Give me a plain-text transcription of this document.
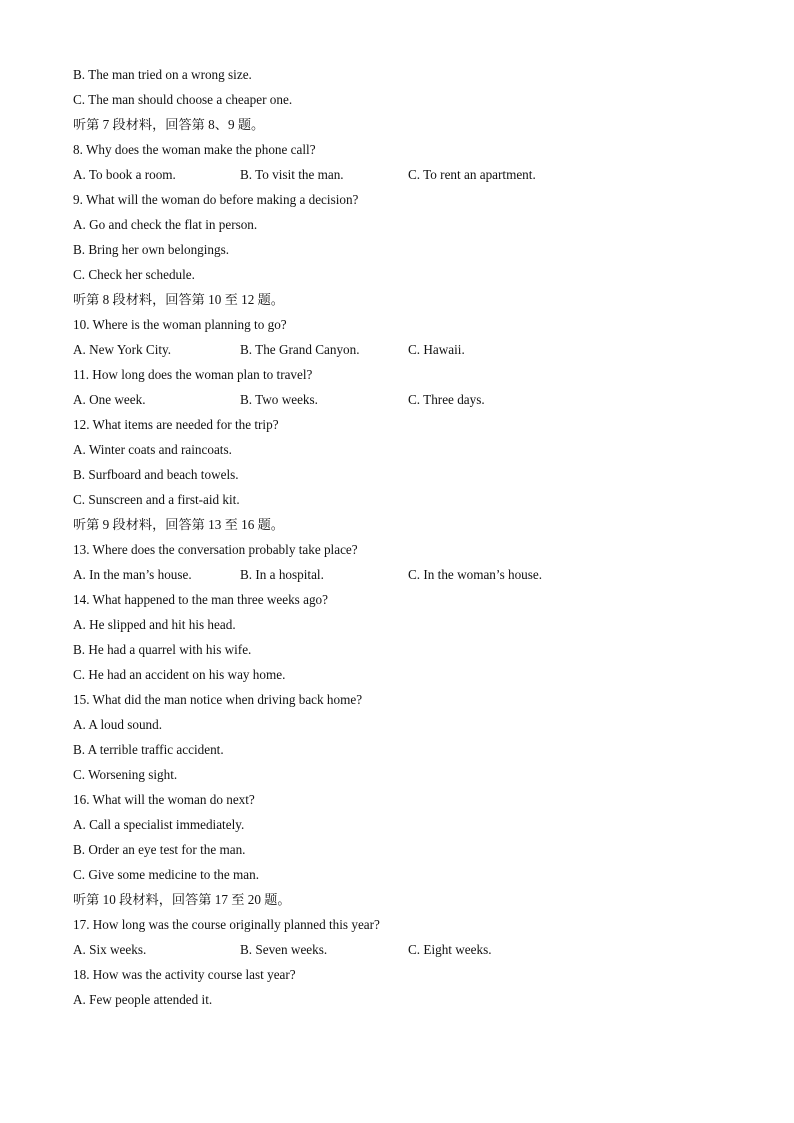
B. The man tried on a wrong size.
C. The man should choose a cheaper one.
听第 7 段材料，回答第 8、9 题。
8. Why does the woman make the phone call?
A. To book a room.	B. To visit the man.	C. To rent an apartment.
9. What will the woman do before making a decision?
A. Go and check the flat in person.
B. Bring her own belongings.
C. Check her schedule.
听第 8 段材料，回答第 10 至 12 题。
10. Where is the woman planning to go?
A. New York City.	B. The Grand Canyon.	C. Hawaii.
11. How long does the woman plan to travel?
A. One week.	B. Two weeks.	C. Three days.
12. What items are needed for the trip?
A. Winter coats and raincoats.
B. Surfboard and beach towels.
C. Sunscreen and a first-aid kit.
听第 9 段材料，回答第 13 至 16 题。
13. Where does the conversation probably take place?
A. In the man’s house.	B. In a hospital.	C. In the woman’s house.
14. What happened to the man three weeks ago?
A. He slipped and hit his head.
B. He had a quarrel with his wife.
C. He had an accident on his way home.
15. What did the man notice when driving back home?
A. A loud sound.
B. A terrible traffic accident.
C. Worsening sight.
16. What will the woman do next?
A. Call a specialist immediately.
B. Order an eye test for the man.
C. Give some medicine to the man.
听第 10 段材料，回答第 17 至 20 题。
17. How long was the course originally planned this year?
A. Six weeks.	B. Seven weeks.	C. Eight weeks.
18. How was the activity course last year?
A. Few people attended it.
